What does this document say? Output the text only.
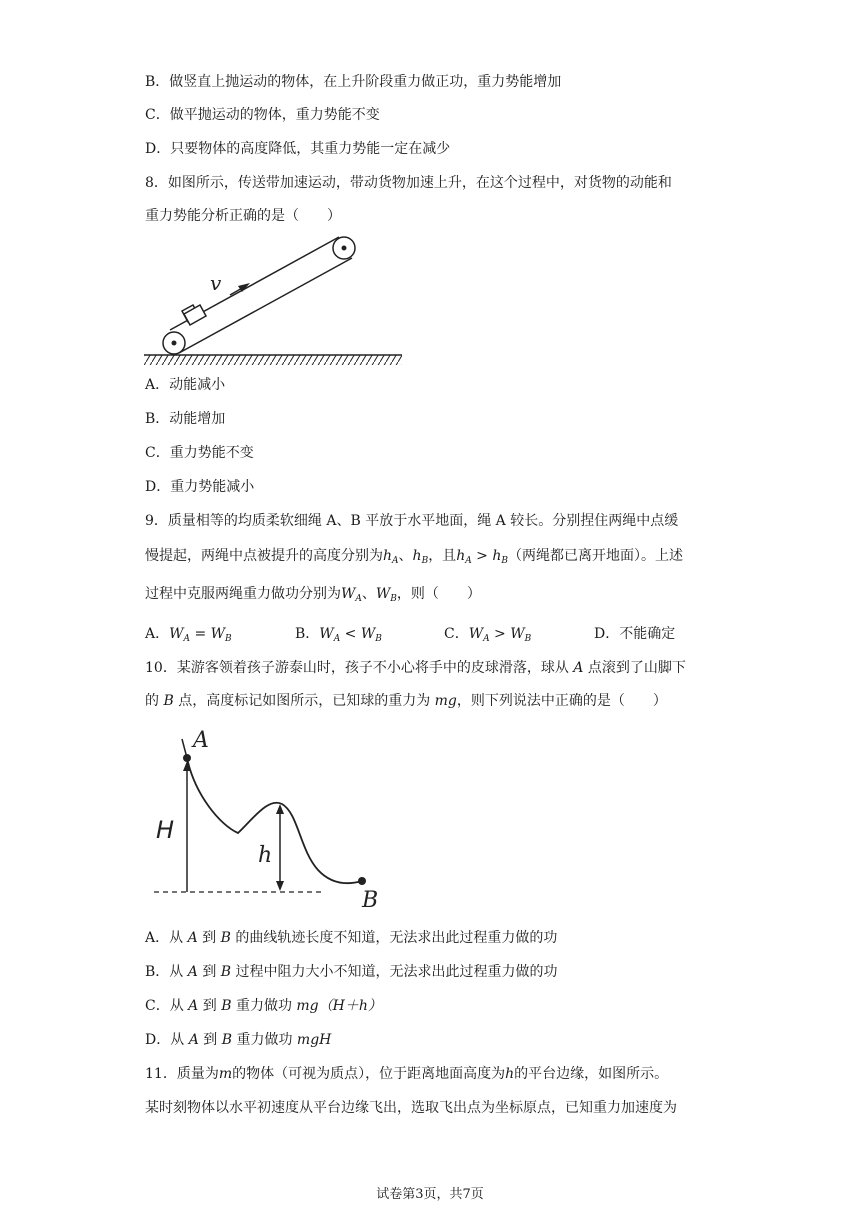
B．做竖直上抛运动的物体，在上升阶段重力做正功，重力势能增加
C．做平抛运动的物体，重力势能不变
D．只要物体的高度降低，其重力势能一定在减少
8．如图所示，传送带加速运动，带动货物加速上升，在这个过程中，对货物的动能和
重力势能分析正确的是（　　）
v
A．动能减小
B．动能增加
C．重力势能不变
D．重力势能减小
9．质量相等的均质柔软细绳 A、B 平放于水平地面，绳 A 较长。分别捏住两绳中点缓
慢提起，两绳中点被提升的高度分别为$h_A$、$h_B$，且$h_A > h_B$（两绳都已离开地面）。上述
过程中克服两绳重力做功分别为$W_A$、$W_B$，则（　　）
A．$W_A = W_B$	B．$W_A < W_B$	C．$W_A > W_B$	D．不能确定
10．某游客领着孩子游泰山时，孩子不小心将手中的皮球滑落，球从 A 点滚到了山脚下
的 B 点，高度标记如图所示，已知球的重力为 mg，则下列说法中正确的是（　　）
A
H
h
B
A．从 A 到 B 的曲线轨迹长度不知道，无法求出此过程重力做的功
B．从 A 到 B 过程中阻力大小不知道，无法求出此过程重力做的功
C．从 A 到 B 重力做功 mg（H＋h）
D．从 A 到 B 重力做功 mgH
11．质量为m的物体（可视为质点），位于距离地面高度为h的平台边缘，如图所示。
某时刻物体以水平初速度从平台边缘飞出，选取飞出点为坐标原点，已知重力加速度为
试卷第3页，共7页
